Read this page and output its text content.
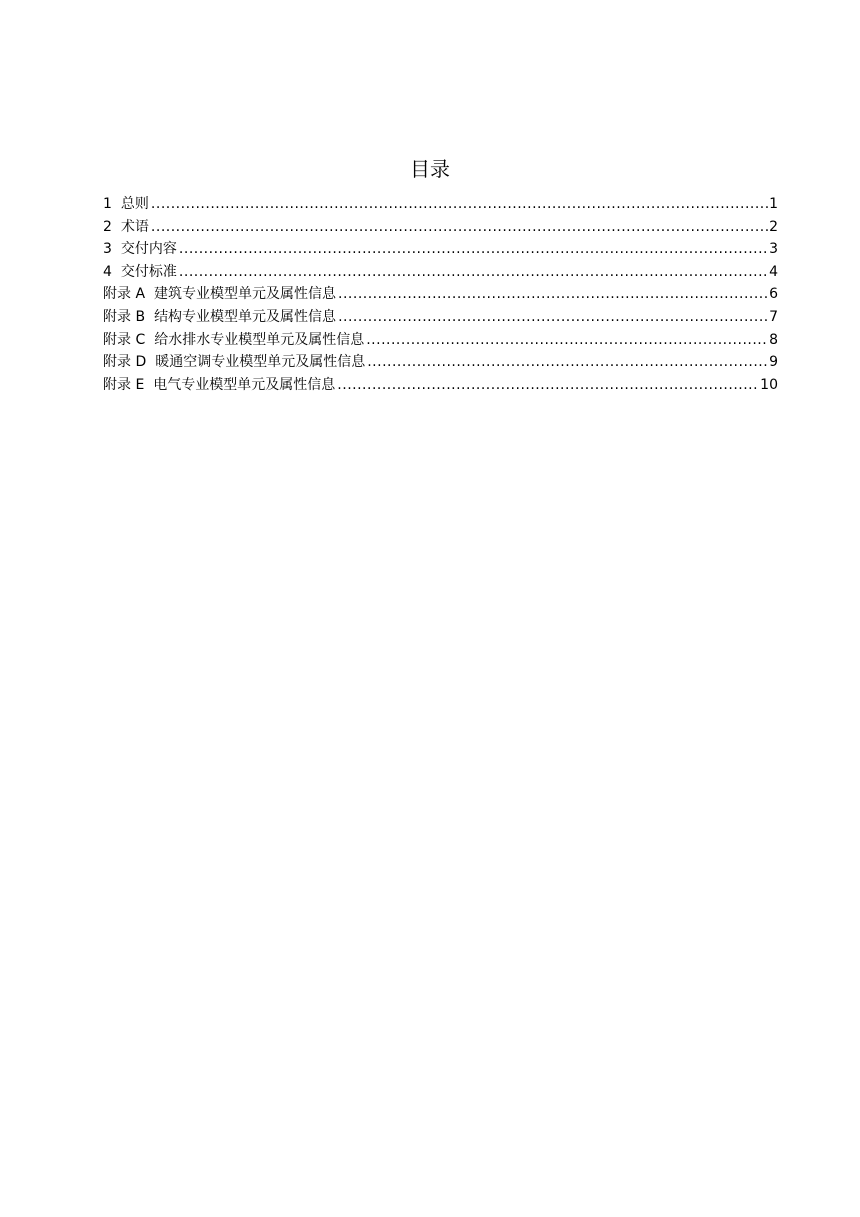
目录
1 总则 .....	1
2 术语 .....	2
3 交付内容 .....	3
4 交付标准 .....	4
附录 A 建筑专业模型单元及属性信息 .....	6
附录 B 结构专业模型单元及属性信息 .....	7
附录 C 给水排水专业模型单元及属性信息 .....	8
附录 D 暖通空调专业模型单元及属性信息 .....	9
附录 E 电气专业模型单元及属性信息 .....	10
